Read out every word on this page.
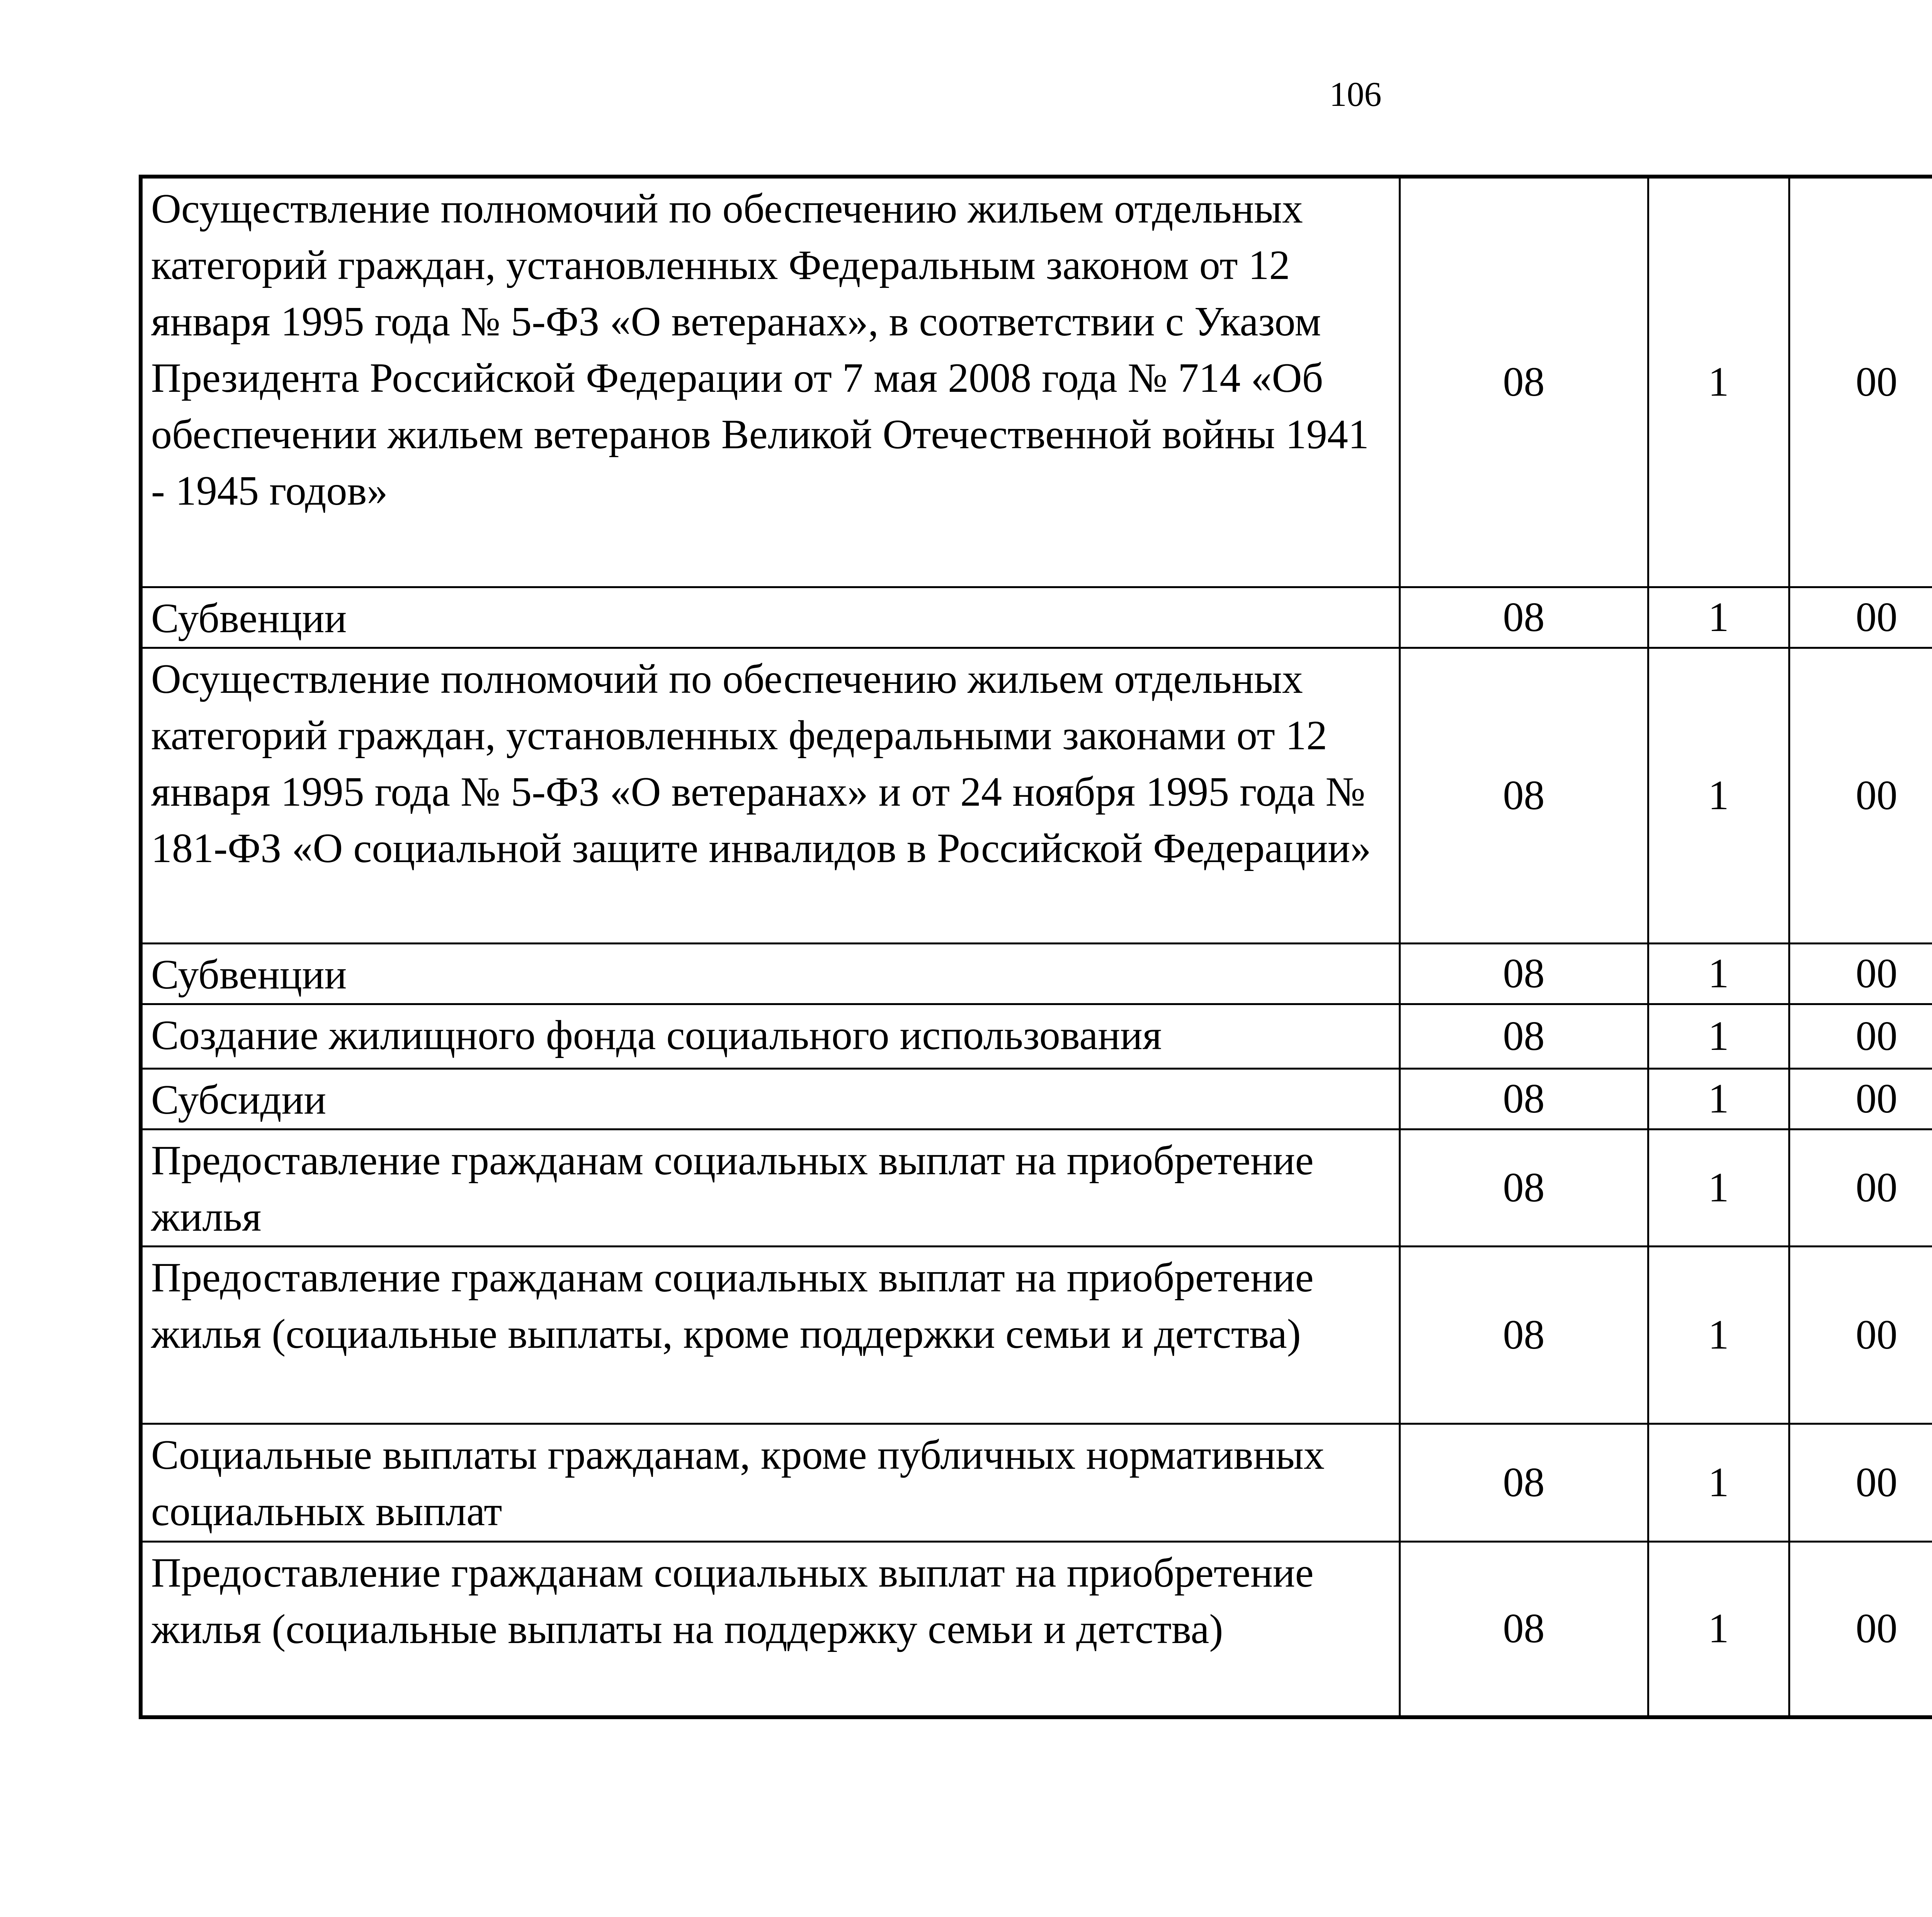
106
Осуществление полномочий по обеспечению жильем отдельных категорий граждан, установленных Федеральным законом от 12 января 1995 года № 5-ФЗ «О ветеранах», в соответствии с Указом Президента Российской Федерации от 7 мая 2008 года № 714 «Об обеспечении жильем ветеранов Великой Отечественной войны 1941 - 1945 годов»	08	1	00			
Субвенции	08	1	00			
Осуществление полномочий по обеспечению жильем отдельных категорий граждан, установленных федеральными законами от 12 января 1995 года № 5-ФЗ «О ветеранах» и от 24 ноября 1995 года № 181-ФЗ «О социальной защите инвалидов в Российской Федерации»	08	1	00			
Субвенции	08	1	00			
Создание жилищного фонда социального использования	08	1	00			
Субсидии	08	1	00			
Предоставление гражданам социальных выплат на приобретение жилья	08	1	00			
Предоставление гражданам социальных выплат на приобретение жилья (социальные выплаты, кроме поддержки семьи и детства)	08	1	00			
Социальные выплаты гражданам, кроме публичных нормативных социальных выплат	08	1	00			
Предоставление гражданам социальных выплат на приобретение жилья (социальные выплаты на поддержку семьи и детства)	08	1	00			
